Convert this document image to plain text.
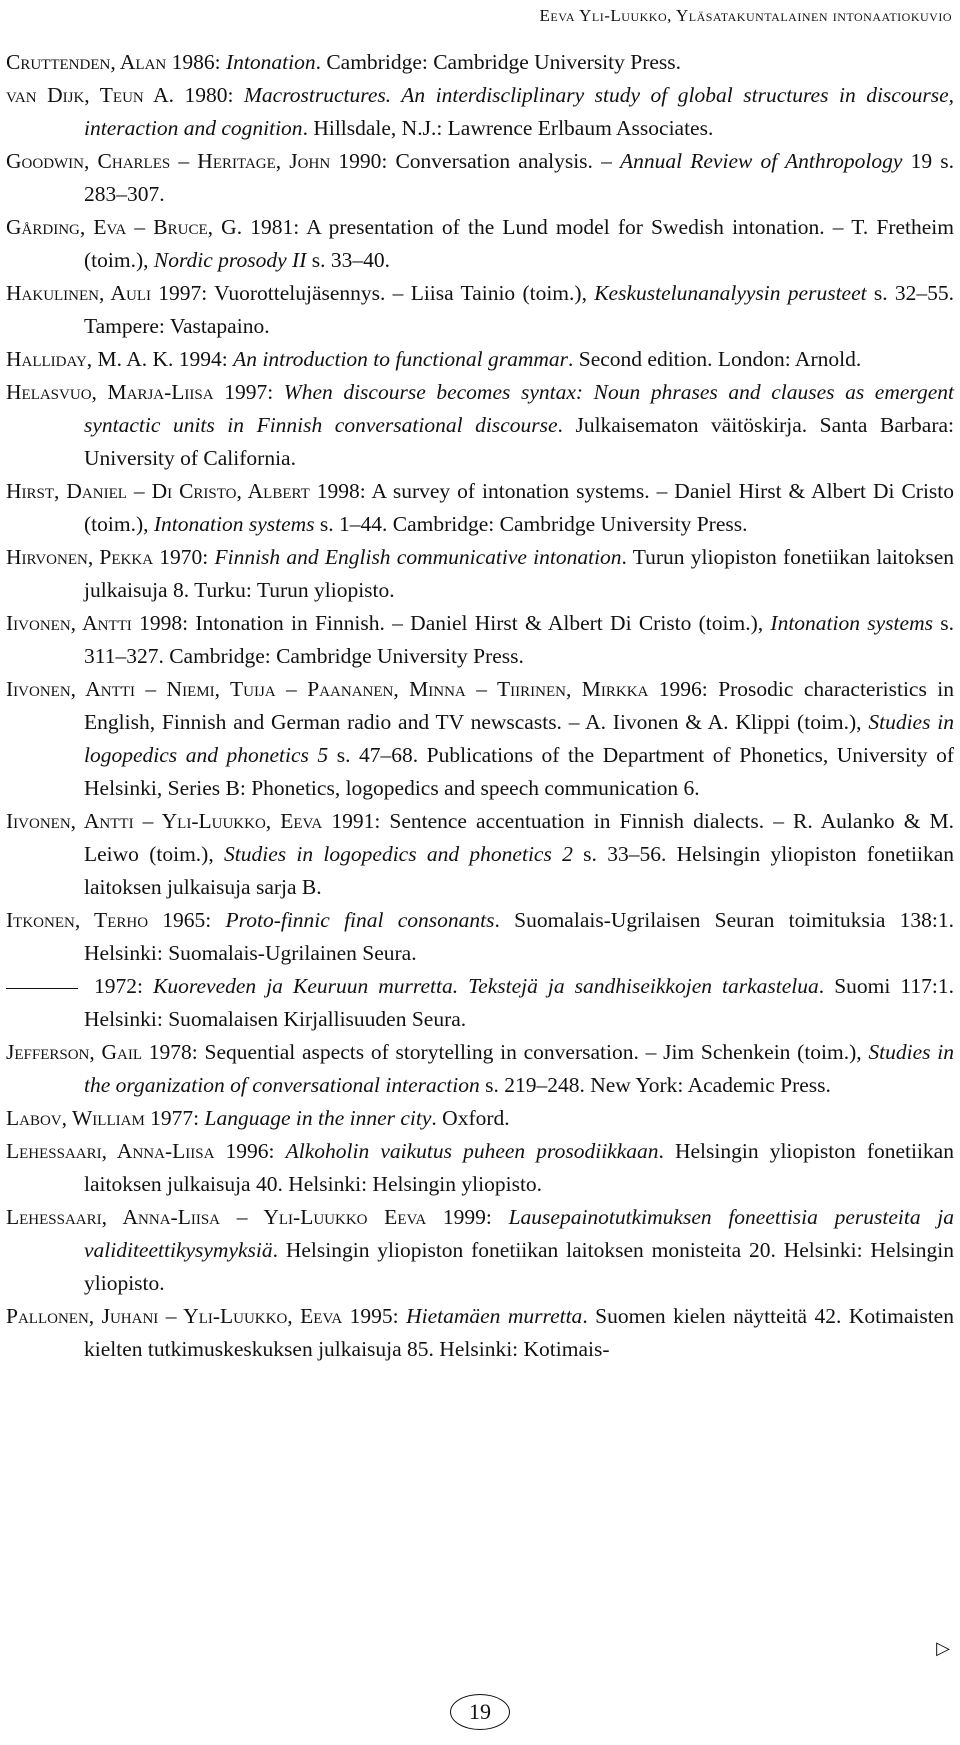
Eeva Yli-Luukko, Yläsatakuntalainen intonaatiokuvio

Cruttenden, Alan 1986: Intonation. Cambridge: Cambridge University Press.

van Dijk, Teun A. 1980: Macrostructures. An interdiscliplinary study of global structures in discourse, interaction and cognition. Hillsdale, N.J.: Lawrence Erlbaum Associates.

Goodwin, Charles – Heritage, John 1990: Conversation analysis. – Annual Review of Anthropology 19 s. 283–307.

Gårding, Eva – Bruce, G. 1981: A presentation of the Lund model for Swedish intonation. – T. Fretheim (toim.), Nordic prosody II s. 33–40.

Hakulinen, Auli 1997: Vuorottelujäsennys. – Liisa Tainio (toim.), Keskustelunanalyysin perusteet s. 32–55. Tampere: Vastapaino.

Halliday, M. A. K. 1994: An introduction to functional grammar. Second edition. London: Arnold.

Helasvuo, Marja-Liisa 1997: When discourse becomes syntax: Noun phrases and clauses as emergent syntactic units in Finnish conversational discourse. Julkaisematon väitöskirja. Santa Barbara: University of California.

Hirst, Daniel – Di Cristo, Albert 1998: A survey of intonation systems. – Daniel Hirst & Albert Di Cristo (toim.), Intonation systems s. 1–44. Cambridge: Cambridge University Press.

Hirvonen, Pekka 1970: Finnish and English communicative intonation. Turun yliopiston fonetiikan laitoksen julkaisuja 8. Turku: Turun yliopisto.

Iivonen, Antti 1998: Intonation in Finnish. – Daniel Hirst & Albert Di Cristo (toim.), Intonation systems s. 311–327. Cambridge: Cambridge University Press.

Iivonen, Antti – Niemi, Tuija – Paananen, Minna – Tiirinen, Mirkka 1996: Prosodic characteristics in English, Finnish and German radio and TV newscasts. – A. Iivonen & A. Klippi (toim.), Studies in logopedics and phonetics 5 s. 47–68. Publications of the Department of Phonetics, University of Helsinki, Series B: Phonetics, logopedics and speech communication 6.

Iivonen, Antti – Yli-Luukko, Eeva 1991: Sentence accentuation in Finnish dialects. – R. Aulanko & M. Leiwo (toim.), Studies in logopedics and phonetics 2 s. 33–56. Helsingin yliopiston fonetiikan laitoksen julkaisuja sarja B.

Itkonen, Terho 1965: Proto-finnic final consonants. Suomalais-Ugrilaisen Seuran toimituksia 138:1. Helsinki: Suomalais-Ugrilainen Seura.

1972: Kuoreveden ja Keuruun murretta. Tekstejä ja sandhiseikkojen tarkastelua. Suomi 117:1. Helsinki: Suomalaisen Kirjallisuuden Seura.

Jefferson, Gail 1978: Sequential aspects of storytelling in conversation. – Jim Schenkein (toim.), Studies in the organization of conversational interaction s. 219–248. New York: Academic Press.

Labov, William 1977: Language in the inner city. Oxford.

Lehessaari, Anna-Liisa 1996: Alkoholin vaikutus puheen prosodiikkaan. Helsingin yliopiston fonetiikan laitoksen julkaisuja 40. Helsinki: Helsingin yliopisto.

Lehessaari, Anna-Liisa – Yli-Luukko Eeva 1999: Lausepainotutkimuksen foneettisia perusteita ja validiteettikysymyksiä. Helsingin yliopiston fonetiikan laitoksen monisteita 20. Helsinki: Helsingin yliopisto.

Pallonen, Juhani – Yli-Luukko, Eeva 1995: Hietamäen murretta. Suomen kielen näytteitä 42. Kotimaisten kielten tutkimuskeskuksen julkaisuja 85. Helsinki: Kotimais-

▷
19
